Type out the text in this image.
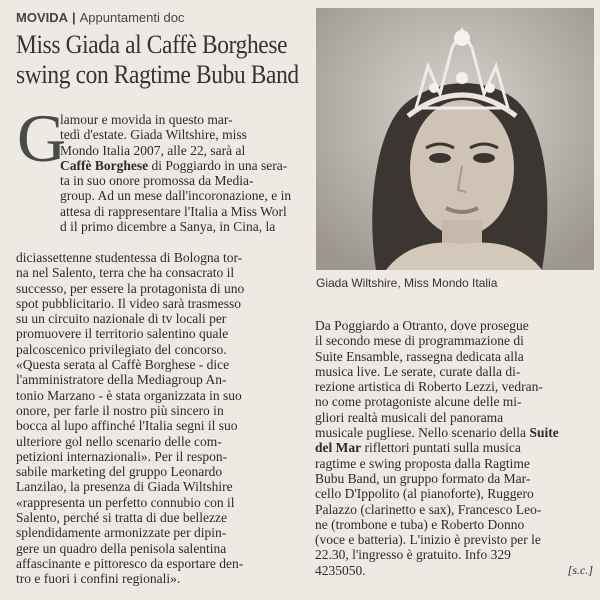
MOVIDA | Appuntamenti doc
Miss Giada al Caffè Borghese
swing con Ragtime Bubu Band
G
lamour e movida in questo mar-
tedì d'estate. Giada Wiltshire, miss
Mondo Italia 2007, alle 22, sarà al
Caffè Borghese di Poggiardo in una sera-
ta in suo onore promossa da Media-
group. Ad un mese dall'incoronazione, e in
attesa di rappresentare l'Italia a Miss Worl
d il primo dicembre a Sanya, in Cina, la
diciassettenne studentessa di Bologna tor-
na nel Salento, terra che ha consacrato il
successo, per essere la protagonista di uno
spot pubblicitario. Il video sarà trasmesso
su un circuito nazionale di tv locali per
promuovere il territorio salentino quale
palcoscenico privilegiato del concorso.
«Questa serata al Caffè Borghese - dice
l'amministratore della Mediagroup An-
tonio Marzano - è stata organizzata in suo
onore, per farle il nostro più sincero in
bocca al lupo affinché l'Italia segni il suo
ulteriore gol nello scenario delle com-
petizioni internazionali». Per il respon-
sabile marketing del gruppo Leonardo
Lanzilao, la presenza di Giada Wiltshire
«rappresenta un perfetto connubio con il
Salento, perché si tratta di due bellezze
splendidamente armonizzate per dipin-
gere un quadro della penisola salentina
affascinante e pittoresco da esportare den-
tro e fuori i confini regionali».
Giada Wiltshire, Miss Mondo Italia
Da Poggiardo a Otranto, dove prosegue
il secondo mese di programmazione di
Suite Ensamble, rassegna dedicata alla
musica live. Le serate, curate dalla di-
rezione artistica di Roberto Lezzi, vedran-
no come protagoniste alcune delle mi-
gliori realtà musicali del panorama
musicale pugliese. Nello scenario della Suite
del Mar riflettori puntati sulla musica
ragtime e swing proposta dalla Ragtime
Bubu Band, un gruppo formato da Mar-
cello D'Ippolito (al pianoforte), Ruggero
Palazzo (clarinetto e sax), Francesco Leo-
ne (trombone e tuba) e Roberto Donno
(voce e batteria). L'inizio è previsto per le
22.30, l'ingresso è gratuito. Info 329
4235050.	[s.c.]
